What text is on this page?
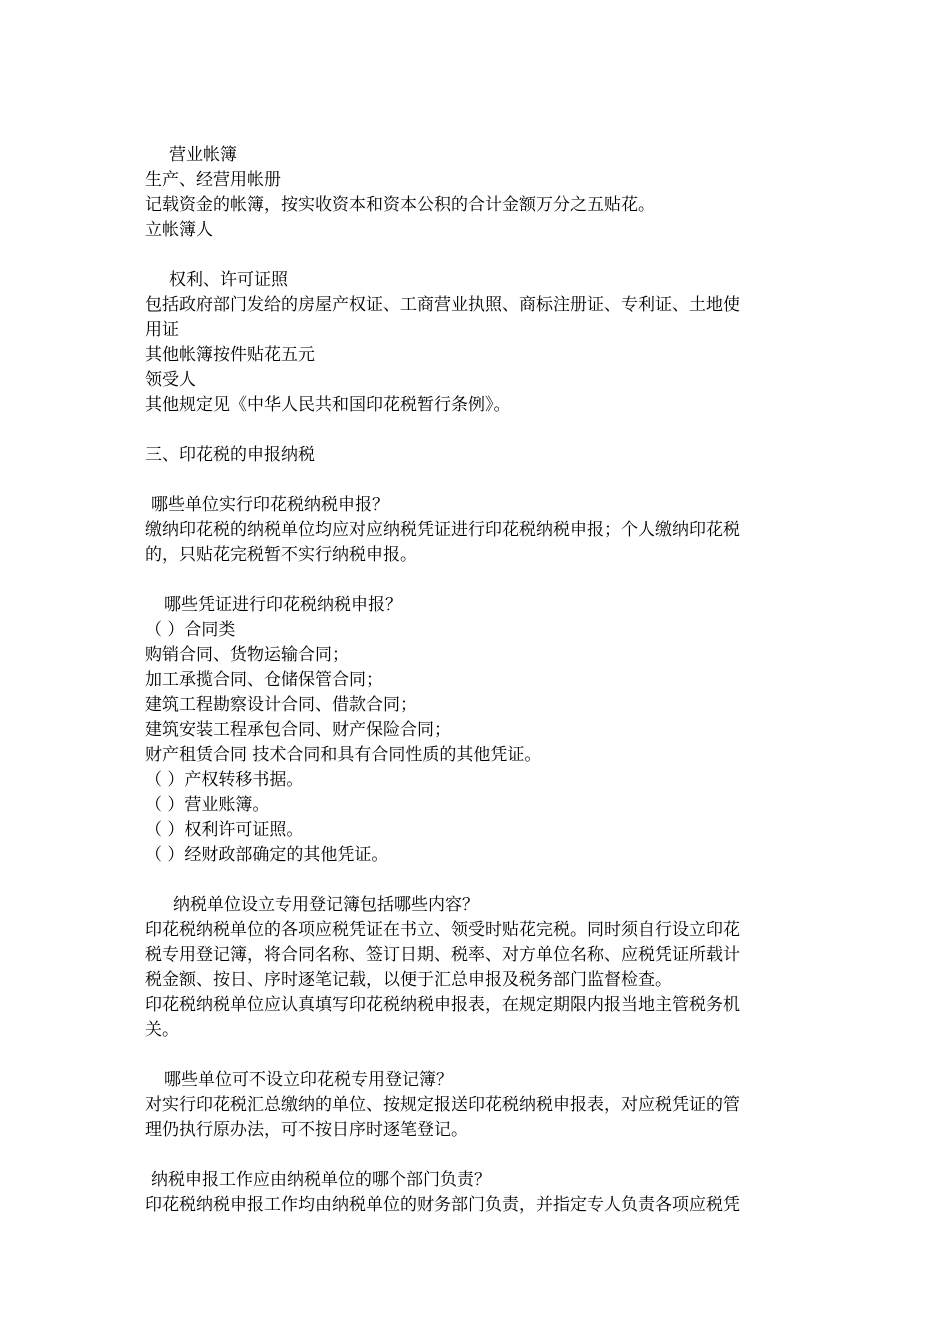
营业帐簿
生产、经营用帐册
记载资金的帐簿，按实收资本和资本公积的合计金额万分之五贴花。
立帐簿人
权利、许可证照
包括政府部门发给的房屋产权证、工商营业执照、商标注册证、专利证、土地使
用证
其他帐簿按件贴花五元
领受人
其他规定见《中华人民共和国印花税暂行条例》。
三、印花税的申报纳税
哪些单位实行印花税纳税申报？
缴纳印花税的纳税单位均应对应纳税凭证进行印花税纳税申报；个人缴纳印花税
的，只贴花完税暂不实行纳税申报。
哪些凭证进行印花税纳税申报？
（ ）合同类
购销合同、货物运输合同；
加工承揽合同、仓储保管合同；
建筑工程勘察设计合同、借款合同；
建筑安装工程承包合同、财产保险合同；
财产租赁合同 技术合同和具有合同性质的其他凭证。
（ ）产权转移书据。
（ ）营业账簿。
（ ）权利许可证照。
（ ）经财政部确定的其他凭证。
纳税单位设立专用登记簿包括哪些内容？
印花税纳税单位的各项应税凭证在书立、领受时贴花完税。同时须自行设立印花
税专用登记簿，将合同名称、签订日期、税率、对方单位名称、应税凭证所载计
税金额、按日、序时逐笔记载，以便于汇总申报及税务部门监督检查。
印花税纳税单位应认真填写印花税纳税申报表，在规定期限内报当地主管税务机
关。
哪些单位可不设立印花税专用登记簿？
对实行印花税汇总缴纳的单位、按规定报送印花税纳税申报表，对应税凭证的管
理仍执行原办法，可不按日序时逐笔登记。
纳税申报工作应由纳税单位的哪个部门负责？
印花税纳税申报工作均由纳税单位的财务部门负责，并指定专人负责各项应税凭
